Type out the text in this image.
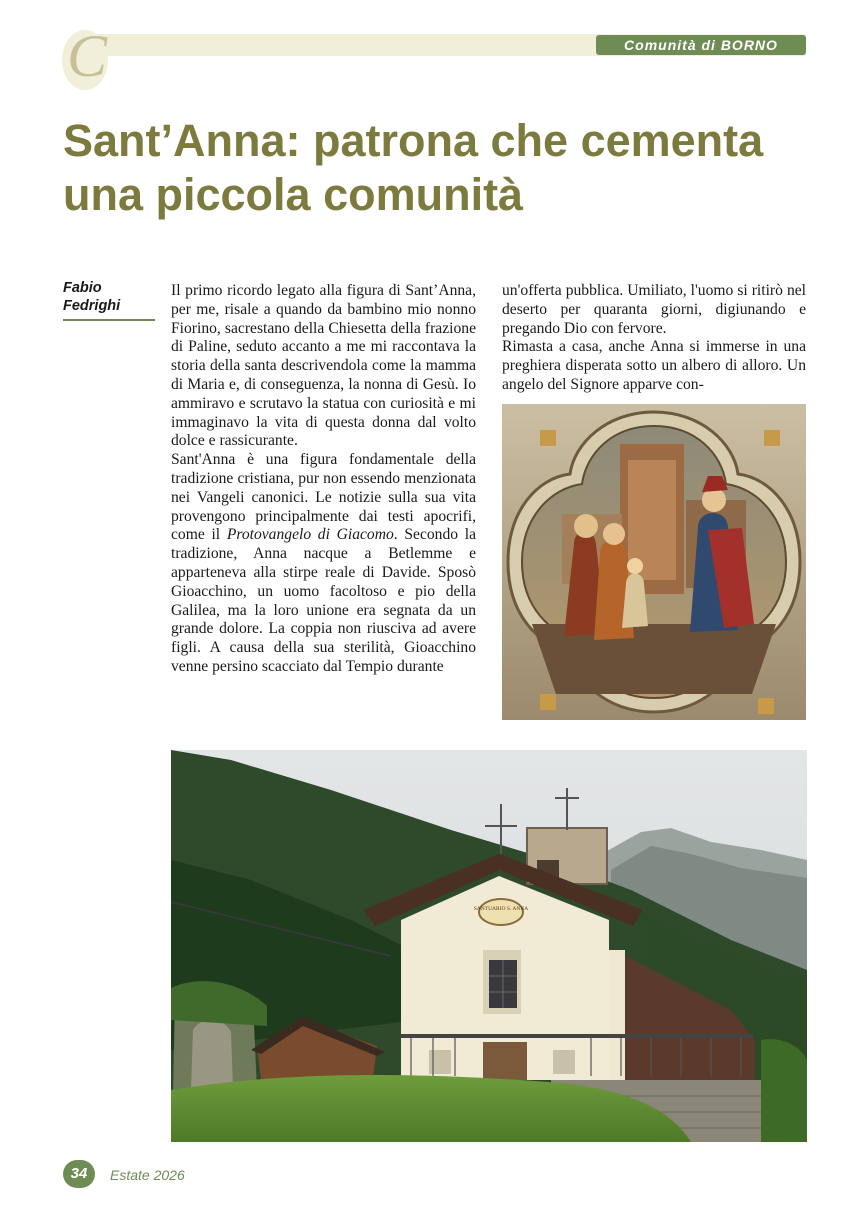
C	Comunità di BORNO
Sant’Anna: patrona che cementa una piccola comunità
Fabio
Fedrighi

Il primo ricordo legato alla figura di Sant’Anna, per me, risale a quando da bambino mio nonno Fiorino, sacrestano della Chiesetta della frazione di Paline, seduto accanto a me mi raccontava la storia della santa descrivendola come la mamma di Maria e, di conseguenza, la nonna di Gesù. Io ammiravo e scrutavo la statua con curiosità e mi immaginavo la vita di questa donna dal volto dolce e rassicurante.

Sant'Anna è una figura fondamentale della tradizione cristiana, pur non essendo menzionata nei Vangeli canonici. Le notizie sulla sua vita provengono principalmente dai testi apocrifi, come il Protovangelo di Giacomo. Secondo la tradizione, Anna nacque a Betlemme e apparteneva alla stirpe reale di Davide. Sposò Gioacchino, un uomo facoltoso e pio della Galilea, ma la loro unione era segnata da un grande dolore. La coppia non riusciva ad avere figli. A causa della sua sterilità, Gioacchino venne persino scacciato dal Tempio durante

un'offerta pubblica. Umiliato, l'uomo si ritirò nel deserto per quaranta giorni, digiunando e pregando Dio con fervore.

Rimasta a casa, anche Anna si immerse in una preghiera disperata sotto un albero di alloro. Un angelo del Signore apparve con-

SANTUARIO S. ANNA
34	Estate 2026
